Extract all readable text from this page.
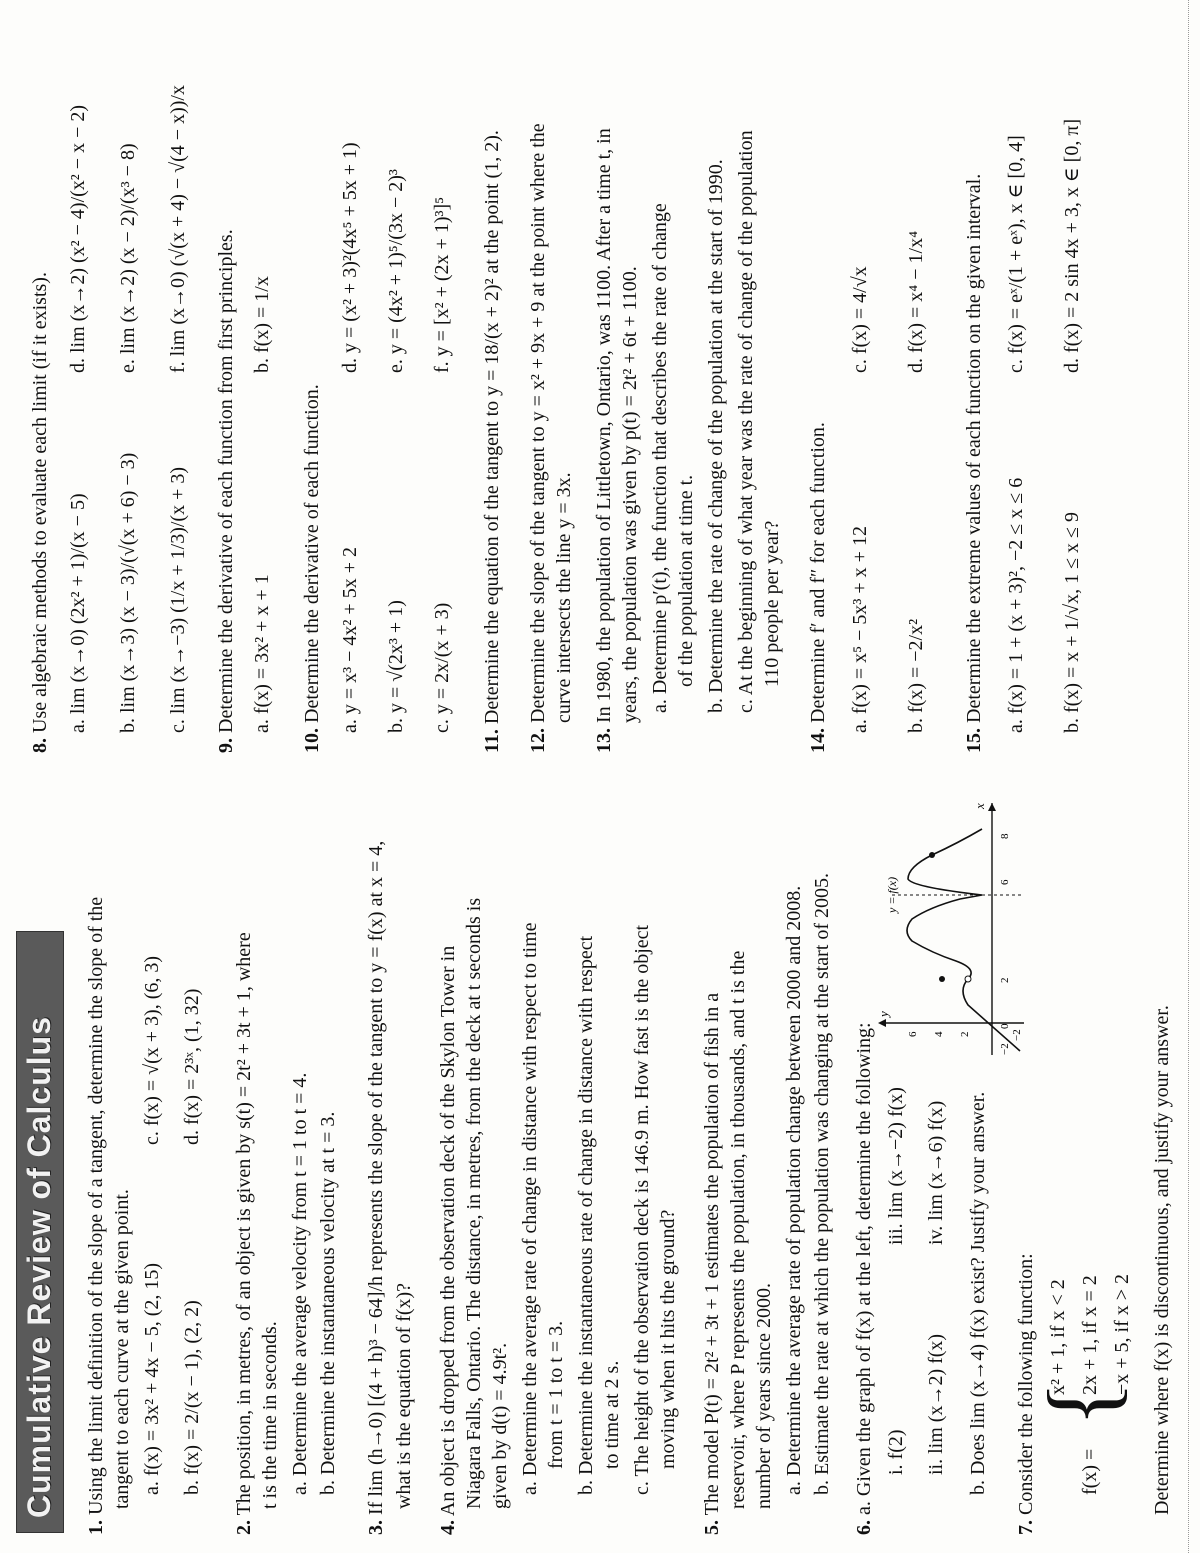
Cumulative Review of Calculus
1. Using the limit definition of the slope of a tangent, determine the slope of the tangent to each curve at the given point. a. f(x) = 3x² + 4x − 5, (2, 15)
c. f(x) = √(x + 3), (6, 3)
b. f(x) = 2/(x − 1), (2, 2)
d. f(x) = 2³ˣ, (1, 32)
2. The position, in metres, of an object is given by s(t) = 2t² + 3t + 1, where t is the time in seconds. a. Determine the average velocity from t = 1 to t = 4. b. Determine the instantaneous velocity at t = 3.
3. If lim (h→0) [(4 + h)³ − 64]/h represents the slope of the tangent to y = f(x) at x = 4, what is the equation of f(x)?
4. An object is dropped from the observation deck of the Skylon Tower in Niagara Falls, Ontario. The distance, in metres, from the deck at t seconds is given by d(t) = 4.9t². a. Determine the average rate of change in distance with respect to time from t = 1 to t = 3. b. Determine the instantaneous rate of change in distance with respect to time at 2 s. c. The height of the observation deck is 146.9 m. How fast is the object moving when it hits the ground?
5. The model P(t) = 2t² + 3t + 1 estimates the population of fish in a reservoir, where P represents the population, in thousands, and t is the number of years since 2000. a. Determine the average rate of population change between 2000 and 2008. b. Estimate the rate at which the population was changing at the start of 2005.
6. a. Given the graph of f(x) at the left, determine the following: i. f(2)
iii. lim (x→−2) f(x)
ii. lim (x→2) f(x)
iv. lim (x→6) f(x) b. Does lim (x→4) f(x) exist? Justify your answer.
y = f(x)
x
y
−2
0
2
6
8
6 4 2	−2
7. Consider the following function: f(x) =
{
x² + 1, if x < 2 2x + 1, if x = 2 −x + 5, if x > 2 Determine where f(x) is discontinuous, and justify your answer.
8. Use algebraic methods to evaluate each limit (if it exists). a. lim (x→0) (2x² + 1)/(x − 5)
d. lim (x→2) (x² − 4)/(x² − x − 2)
b. lim (x→3) (x − 3)/(√(x + 6) − 3)
e. lim (x→2) (x − 2)/(x³ − 8)
c. lim (x→−3) (1/x + 1/3)/(x + 3)
f. lim (x→0) (√(x + 4) − √(4 − x))/x
9. Determine the derivative of each function from first principles. a. f(x) = 3x² + x + 1
b. f(x) = 1/x
10. Determine the derivative of each function. a. y = x³ − 4x² + 5x + 2
d. y = (x² + 3)²(4x⁵ + 5x + 1)
b. y = √(2x³ + 1)
e. y = (4x² + 1)⁵/(3x − 2)³
c. y = 2x/(x + 3)
f. y = [x² + (2x + 1)³]⁵
11. Determine the equation of the tangent to y = 18/(x + 2)² at the point (1, 2).
12. Determine the slope of the tangent to y = x² + 9x + 9 at the point where the curve intersects the line y = 3x.
13. In 1980, the population of Littletown, Ontario, was 1100. After a time t, in years, the population was given by p(t) = 2t² + 6t + 1100. a. Determine p′(t), the function that describes the rate of change of the population at time t. b. Determine the rate of change of the population at the start of 1990. c. At the beginning of what year was the rate of change of the population 110 people per year?
14. Determine f′ and f″ for each function. a. f(x) = x⁵ − 5x³ + x + 12
c. f(x) = 4/√x
b. f(x) = −2/x²
d. f(x) = x⁴ − 1/x⁴
15. Determine the extreme values of each function on the given interval. a. f(x) = 1 + (x + 3)², −2 ≤ x ≤ 6
c. f(x) = eˣ/(1 + eˣ), x ∈ [0, 4]
b. f(x) = x + 1/√x, 1 ≤ x ≤ 9
d. f(x) = 2 sin 4x + 3, x ∈ [0, π]
